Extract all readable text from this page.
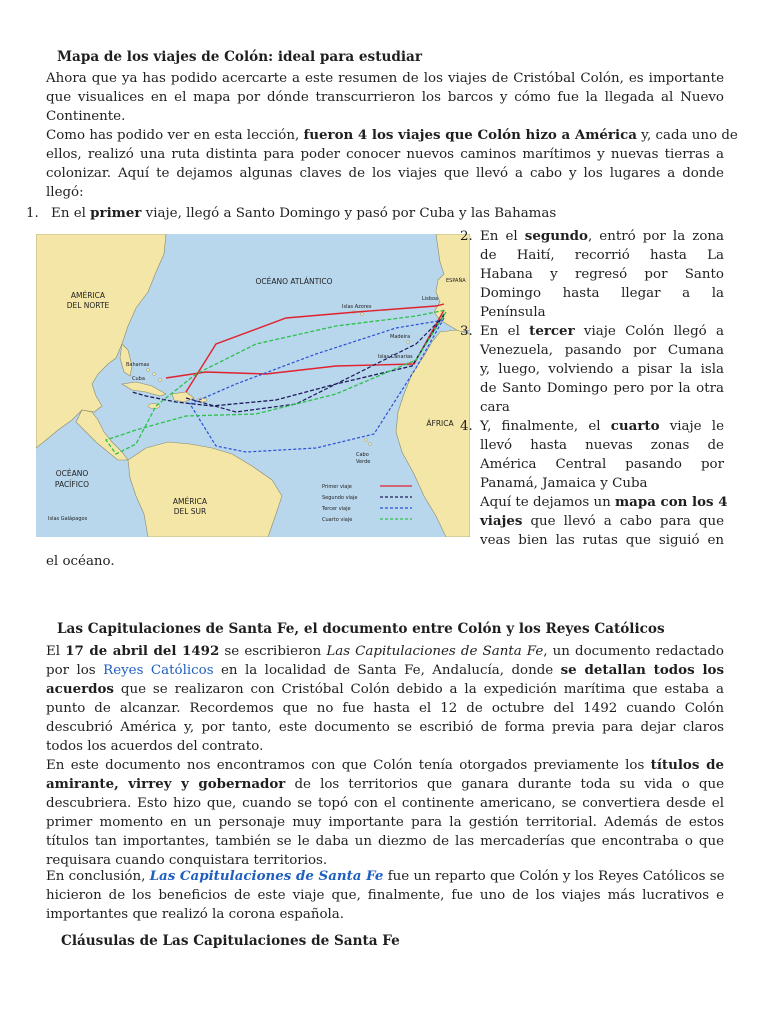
Mapa de los viajes de Colón: ideal para estudiar
Ahora que ya has podido acercarte a este resumen de los viajes de Cristóbal Colón, es importante
que visualices en el mapa por dónde transcurrieron los barcos y cómo fue la llegada al Nuevo
Continente.
Como has podido ver en esta lección, fueron 4 los viajes que Colón hizo a América y, cada uno de
ellos, realizó una ruta distinta para poder conocer nuevos caminos marítimos y nuevas tierras a
colonizar. Aquí te dejamos algunas claves de los viajes que llevó a cabo y los lugares a donde
llegó:
1. En el primer viaje, llegó a Santo Domingo y pasó por Cuba y las Bahamas
OCÉANO ATLÁNTICO
AMÉRICA
DEL NORTE
ÁFRICA
OCÉANO
PACÍFICO
AMÉRICA
DEL SUR
Islas Galápagos
Cabo
Verde
Islas Canarias
Madeira
Islas Azores
Bahamas
Cuba
ESPAÑA
Lisboa
Primer viaje
Segundo viaje
Tercer viaje
Cuarto viaje
2. En el segundo, entró por la zona
de Haití, recorrió hasta La
Habana y regresó por Santo
Domingo hasta llegar a la
Península
3. En el tercer viaje Colón llegó a
Venezuela, pasando por Cumana
y, luego, volviendo a pisar la isla
de Santo Domingo pero por la otra
cara
4. Y, finalmente, el cuarto viaje le
llevó hasta nuevas zonas de
América Central pasando por
Panamá, Jamaica y Cuba
Aquí te dejamos un mapa con los 4
viajes que llevó a cabo para que
veas bien las rutas que siguió en
el océano.
Las Capitulaciones de Santa Fe, el documento entre Colón y los Reyes Católicos
El 17 de abril del 1492 se escribieron Las Capitulaciones de Santa Fe, un documento redactado
por los Reyes Católicos en la localidad de Santa Fe, Andalucía, donde se detallan todos los
acuerdos que se realizaron con Cristóbal Colón debido a la expedición marítima que estaba a
punto de alcanzar. Recordemos que no fue hasta el 12 de octubre del 1492 cuando Colón
descubrió América y, por tanto, este documento se escribió de forma previa para dejar claros
todos los acuerdos del contrato.
En este documento nos encontramos con que Colón tenía otorgados previamente los títulos de
amirante, virrey y gobernador de los territorios que ganara durante toda su vida o que
descubriera. Esto hizo que, cuando se topó con el continente americano, se convertiera desde el
primer momento en un personaje muy importante para la gestión territorial. Además de estos
títulos tan importantes, también se le daba un diezmo de las mercaderías que encontraba o que
requisara cuando conquistara territorios.
En conclusión, Las Capitulaciones de Santa Fe fue un reparto que Colón y los Reyes Católicos se
hicieron de los beneficios de este viaje que, finalmente, fue uno de los viajes más lucrativos e
importantes que realizó la corona española.
Cláusulas de Las Capitulaciones de Santa Fe
